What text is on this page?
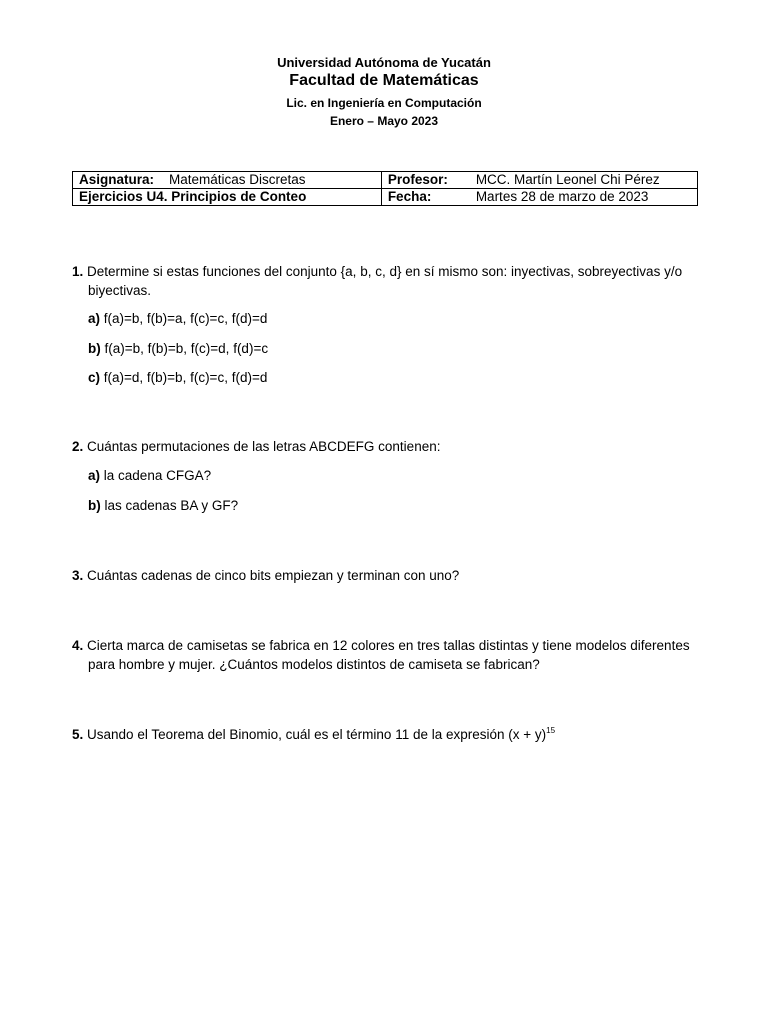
Universidad Autónoma de Yucatán
Facultad de Matemáticas
Lic. en Ingeniería en Computación
Enero – Mayo 2023
Asignatura: Matemáticas Discretas	Profesor: MCC. Martín Leonel Chi Pérez
Ejercicios U4. Principios de Conteo	Fecha: Martes 28 de marzo de 2023
1. Determine si estas funciones del conjunto {a, b, c, d} en sí mismo son: inyectivas, sobreyectivas y/o
biyectivas.
a) f(a)=b, f(b)=a, f(c)=c, f(d)=d
b) f(a)=b, f(b)=b, f(c)=d, f(d)=c
c) f(a)=d, f(b)=b, f(c)=c, f(d)=d
2. Cuántas permutaciones de las letras ABCDEFG contienen:
a) la cadena CFGA?
b) las cadenas BA y GF?
3. Cuántas cadenas de cinco bits empiezan y terminan con uno?
4. Cierta marca de camisetas se fabrica en 12 colores en tres tallas distintas y tiene modelos diferentes
para hombre y mujer. ¿Cuántos modelos distintos de camiseta se fabrican?
5. Usando el Teorema del Binomio, cuál es el término 11 de la expresión $(x + y)^{15}$
